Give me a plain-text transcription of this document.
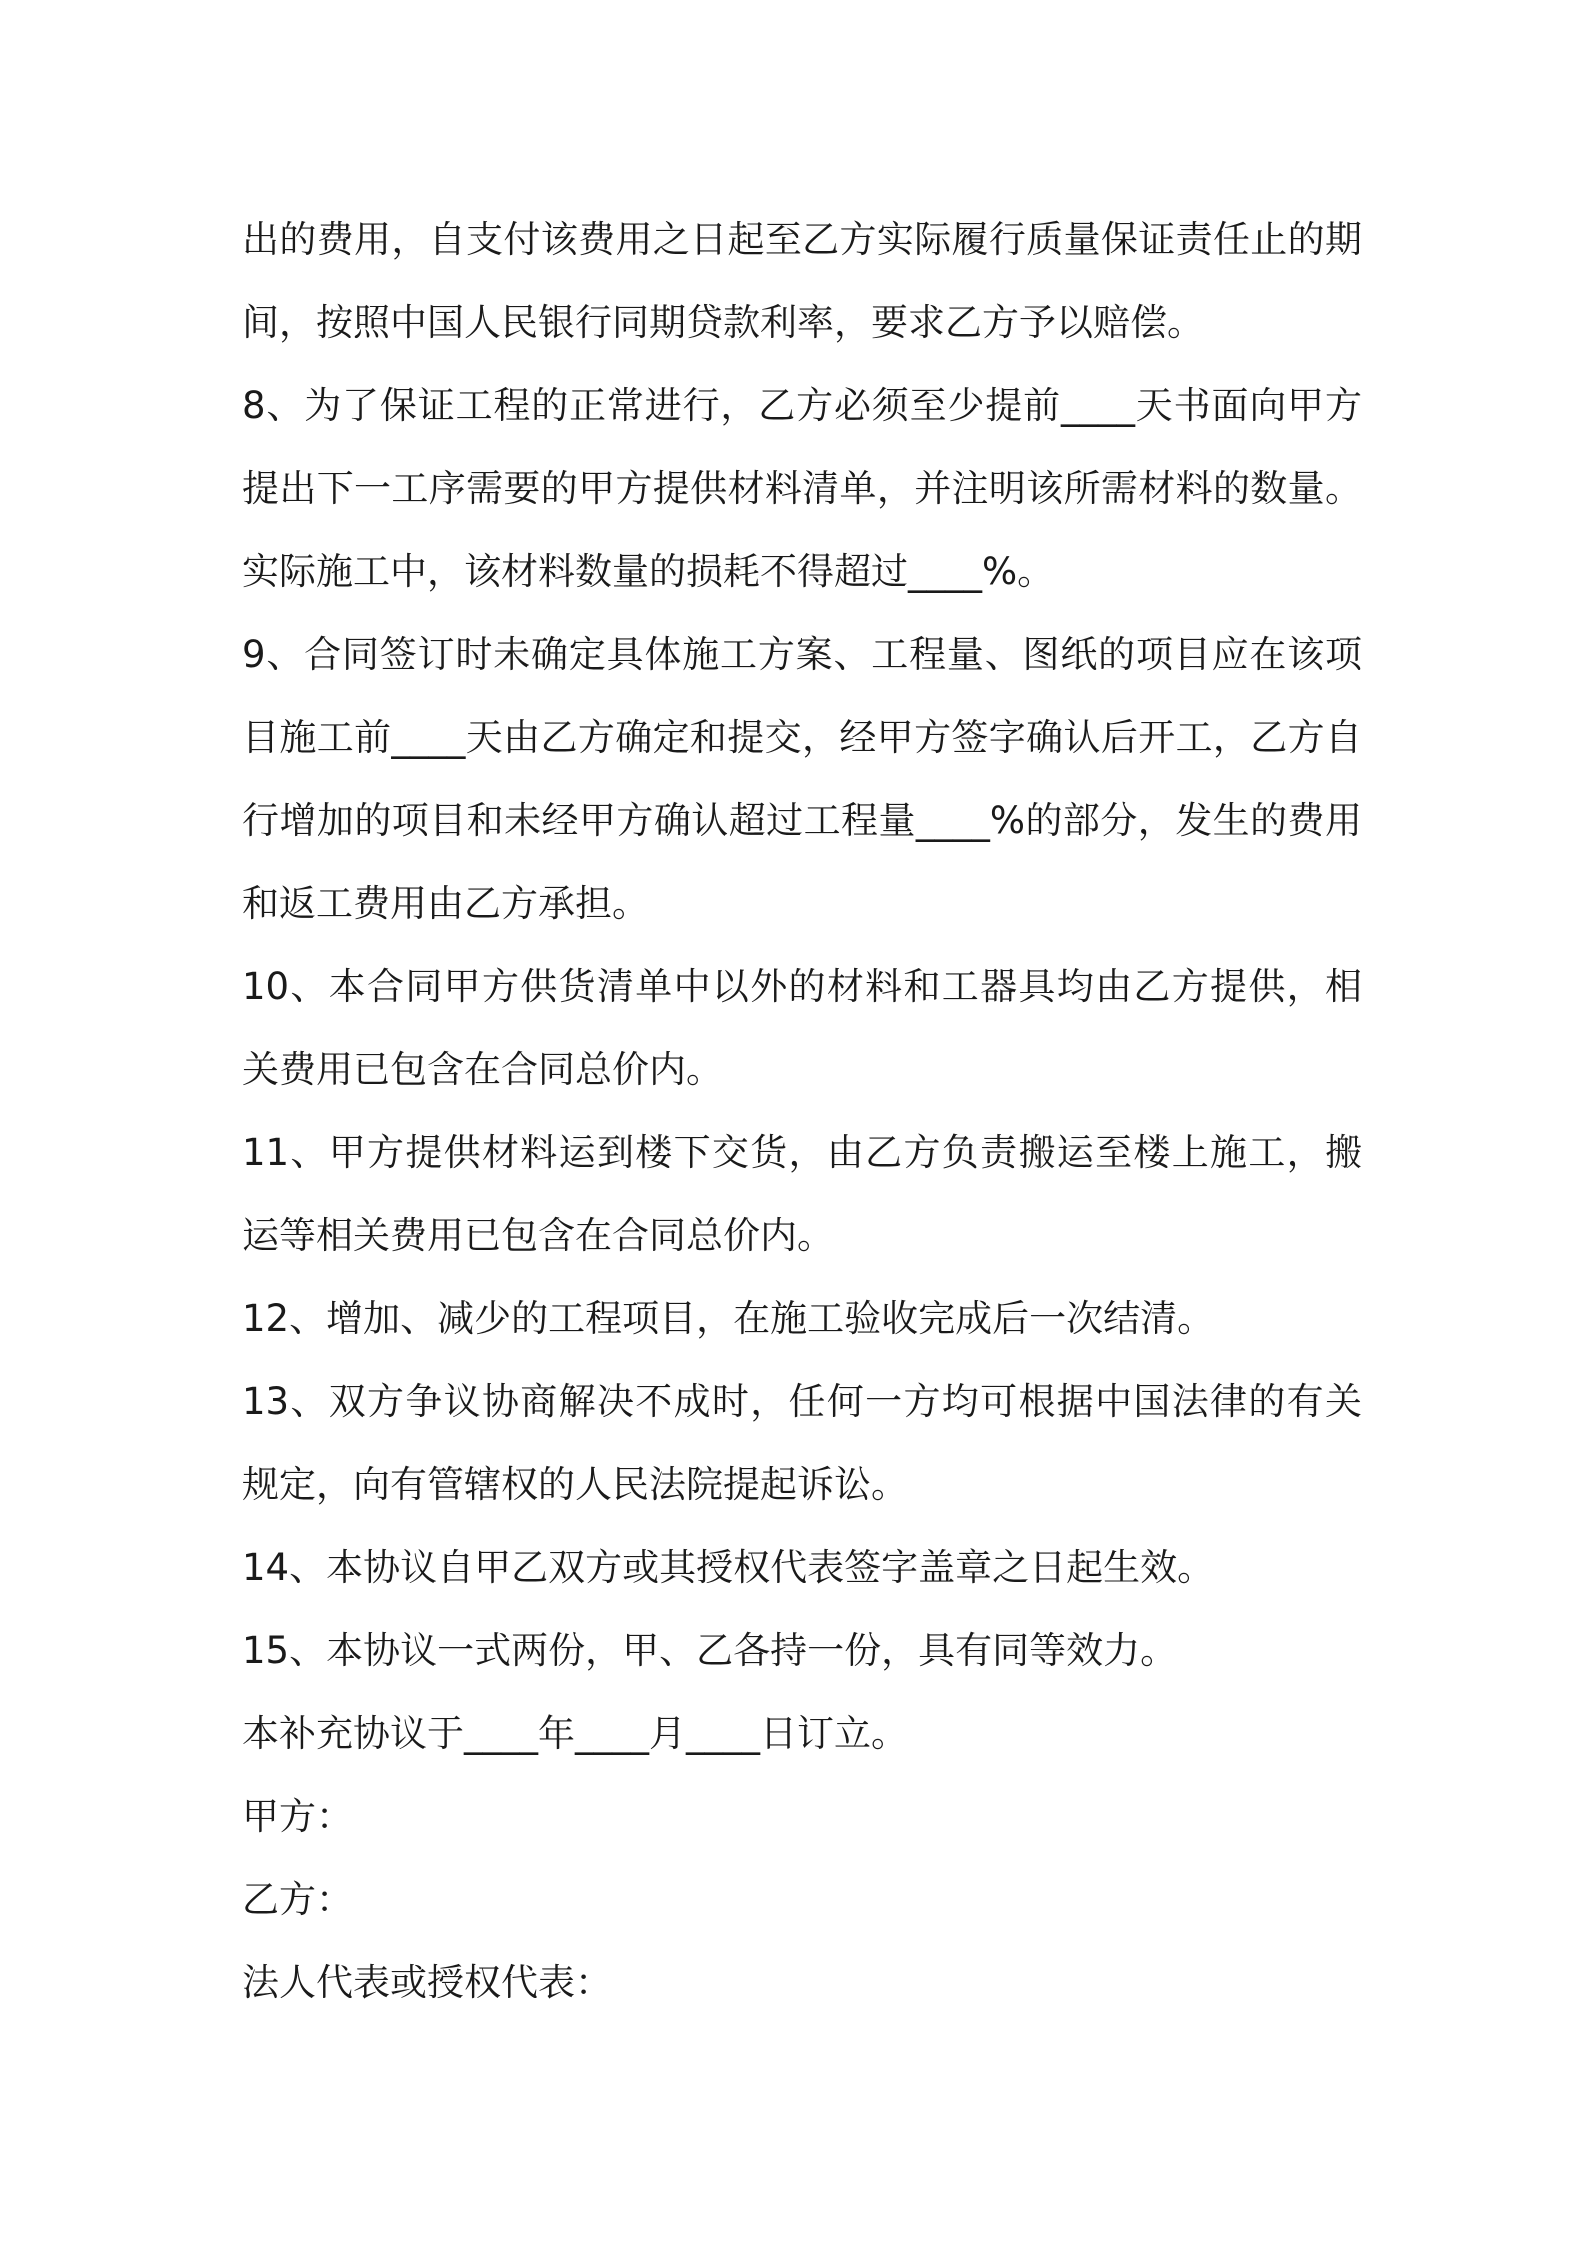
出的费用，自支付该费用之日起至乙方实际履行质量保证责任止的期间，按照中国人民银行同期贷款利率，要求乙方予以赔偿。

8、为了保证工程的正常进行，乙方必须至少提前____天书面向甲方提出下一工序需要的甲方提供材料清单，并注明该所需材料的数量。实际施工中，该材料数量的损耗不得超过____%。

9、合同签订时未确定具体施工方案、工程量、图纸的项目应在该项目施工前____天由乙方确定和提交，经甲方签字确认后开工，乙方自行增加的项目和未经甲方确认超过工程量____%的部分，发生的费用和返工费用由乙方承担。

10、本合同甲方供货清单中以外的材料和工器具均由乙方提供，相关费用已包含在合同总价内。

11、甲方提供材料运到楼下交货，由乙方负责搬运至楼上施工，搬运等相关费用已包含在合同总价内。

12、增加、减少的工程项目，在施工验收完成后一次结清。

13、双方争议协商解决不成时，任何一方均可根据中国法律的有关规定，向有管辖权的人民法院提起诉讼。

14、本协议自甲乙双方或其授权代表签字盖章之日起生效。

15、本协议一式两份，甲、乙各持一份，具有同等效力。

本补充协议于____年____月____日订立。

甲方：

乙方：

法人代表或授权代表：
